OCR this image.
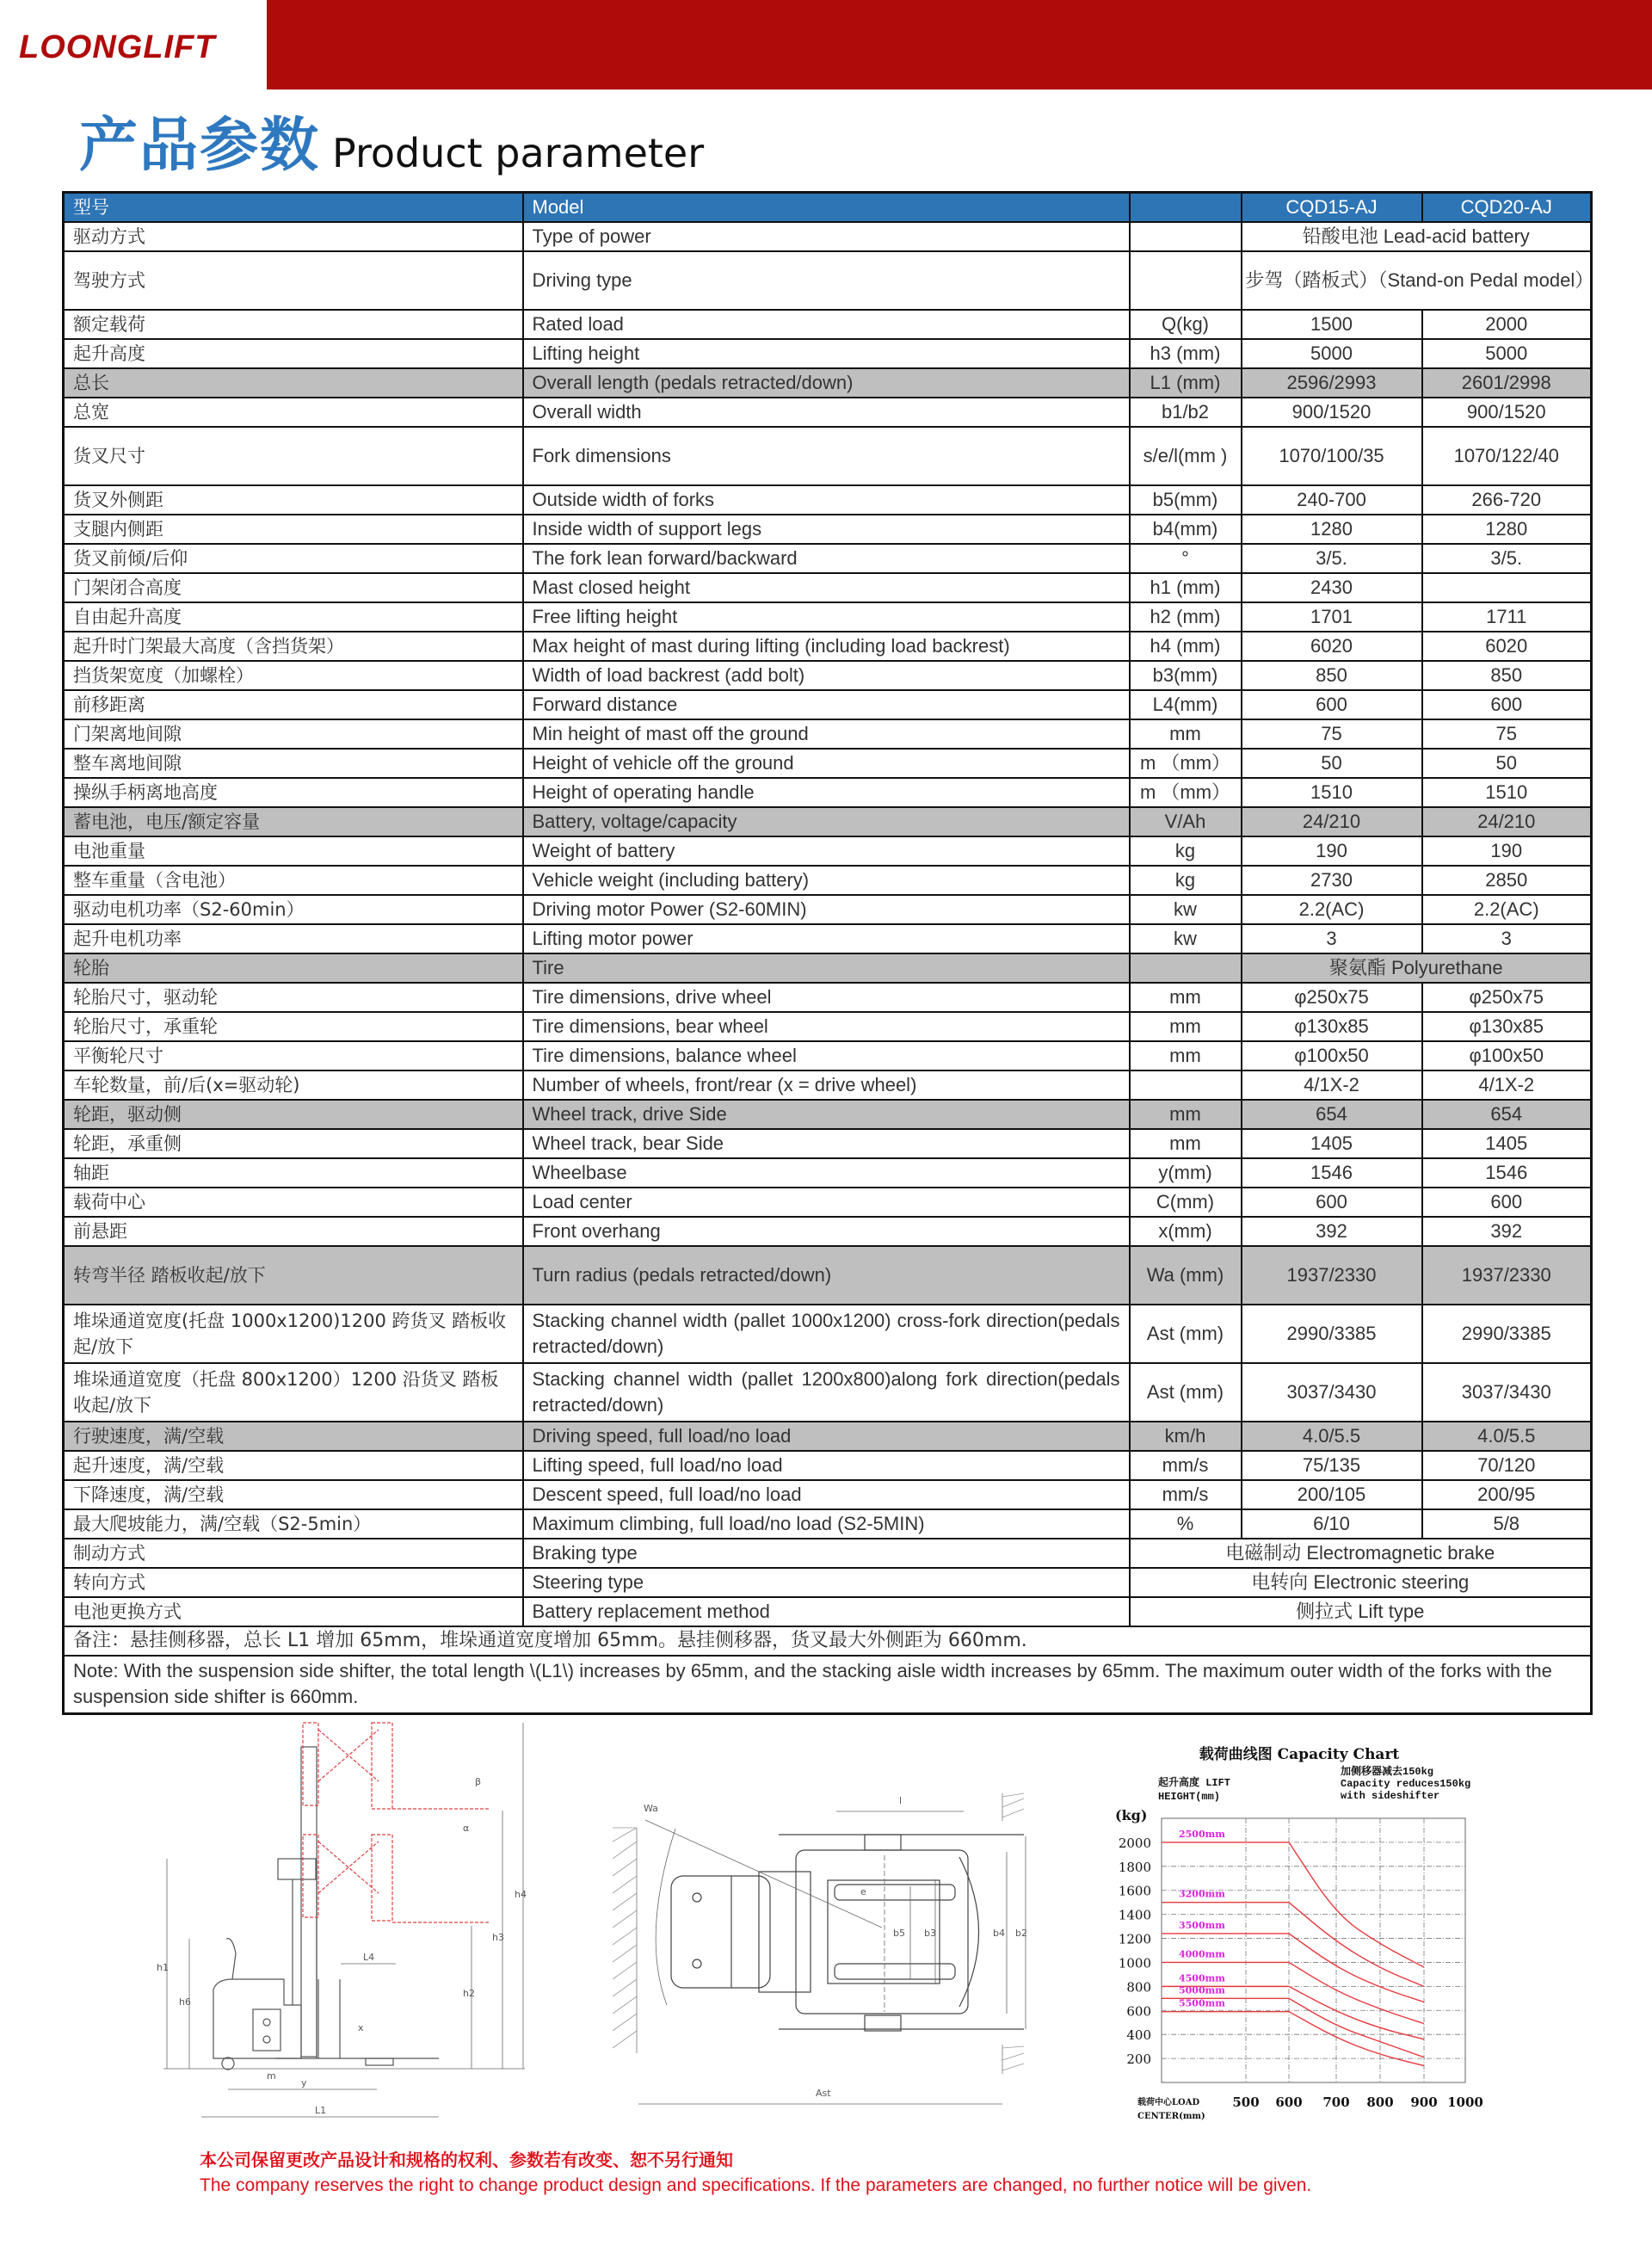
LOONGLIFT
产品参数 Product parameter
型号	Model		CQD15-AJ	CQD20-AJ
驱动方式	Type of power		铅酸电池 Lead-acid battery	
驾驶方式	Driving type		步驾（踏板式）（Stand-on Pedal model）	
额定载荷	Rated load	Q(kg)	1500	2000
起升高度	Lifting height	h3 (mm)	5000	5000
总长	Overall length (pedals retracted/down)	L1 (mm)	2596/2993	2601/2998
总宽	Overall width	b1/b2	900/1520	900/1520
货叉尺寸	Fork dimensions	s/e/l(mm )	1070/100/35	1070/122/40
货叉外侧距	Outside width of forks	b5(mm)	240-700	266-720
支腿内侧距	Inside width of support legs	b4(mm)	1280	1280
货叉前倾/后仰	The fork lean forward/backward	°	3/5.	3/5.
门架闭合高度	Mast closed height	h1 (mm)	2430	
自由起升高度	Free lifting height	h2 (mm)	1701	1711
起升时门架最大高度（含挡货架）	Max height of mast during lifting (including load backrest)	h4 (mm)	6020	6020
挡货架宽度（加螺栓）	Width of load backrest (add bolt)	b3(mm)	850	850
前移距离	Forward distance	L4(mm)	600	600
门架离地间隙	Min height of mast off the ground	mm	75	75
整车离地间隙	Height of vehicle off the ground	m （mm）	50	50
操纵手柄离地高度	Height of operating handle	m （mm）	1510	1510
蓄电池，电压/额定容量	Battery, voltage/capacity	V/Ah	24/210	24/210
电池重量	Weight of battery	kg	190	190
整车重量（含电池）	Vehicle weight (including battery)	kg	2730	2850
驱动电机功率（S2-60min）	Driving motor Power (S2-60MIN)	kw	2.2(AC)	2.2(AC)
起升电机功率	Lifting motor power	kw	3	3
轮胎	Tire		聚氨酯 Polyurethane	
轮胎尺寸，驱动轮	Tire dimensions, drive wheel	mm	φ250x75	φ250x75
轮胎尺寸，承重轮	Tire dimensions, bear wheel	mm	φ130x85	φ130x85
平衡轮尺寸	Tire dimensions, balance wheel	mm	φ100x50	φ100x50
车轮数量，前/后(x=驱动轮)	Number of wheels, front/rear (x = drive wheel)		4/1X-2	4/1X-2
轮距，驱动侧	Wheel track, drive Side	mm	654	654
轮距，承重侧	Wheel track, bear Side	mm	1405	1405
轴距	Wheelbase	y(mm)	1546	1546
载荷中心	Load center	C(mm)	600	600
前悬距	Front overhang	x(mm)	392	392
转弯半径 踏板收起/放下	Turn radius (pedals retracted/down)	Wa (mm)	1937/2330	1937/2330
堆垛通道宽度(托盘 1000x1200)1200 跨货叉 踏板收起/放下	Stacking channel width (pallet 1000x1200) cross-fork direction(pedals retracted/down)	Ast (mm)	2990/3385	2990/3385
堆垛通道宽度（托盘 800x1200）1200 沿货叉 踏板收起/放下	Stacking channel width (pallet 1200x800)along fork direction(pedals retracted/down)	Ast (mm)	3037/3430	3037/3430
行驶速度，满/空载	Driving speed, full load/no load	km/h	4.0/5.5	4.0/5.5
起升速度，满/空载	Lifting speed, full load/no load	mm/s	75/135	70/120
下降速度，满/空载	Descent speed, full load/no load	mm/s	200/105	200/95
最大爬坡能力，满/空载（S2-5min）	Maximum climbing, full load/no load (S2-5MIN)	%	6/10	5/8
制动方式	Braking type	电磁制动 Electromagnetic brake		
转向方式	Steering type	电转向 Electronic steering		
电池更换方式	Battery replacement method	侧拉式 Lift type		
备注：悬挂侧移器，总长 L1 增加 65mm，堆垛通道宽度增加 65mm。悬挂侧移器，货叉最大外侧距为 660mm.				
Note: With the suspension side shifter, the total length \(L1\) increases by 65mm, and the stacking aisle width increases by 65mm. The maximum outer width of the forks with the suspension side shifter is 660mm.				
h1
h6
h2
h3
h4
L4
x
y
L1
m
α
β
Wa
l
e
b5 b3	b4 b2
Ast
载荷曲线图 Capacity Chart
加侧移器减去150kg
Capacity reduces150kg
with sideshifter
起升高度 LIFT
HEIGHT(mm)
(kg)
200
400
600
800
1000
1200
1400
1600
1800
2000
500 600 700 800 900 1000
载荷中心LOAD
CENTER(mm)
2500mm
3200mm
3500mm
4000mm
4500mm
5000mm
5500mm
本公司保留更改产品设计和规格的权利、参数若有改变、恕不另行通知
The company reserves the right to change product design and specifications. If the parameters are changed, no further notice will be given.
